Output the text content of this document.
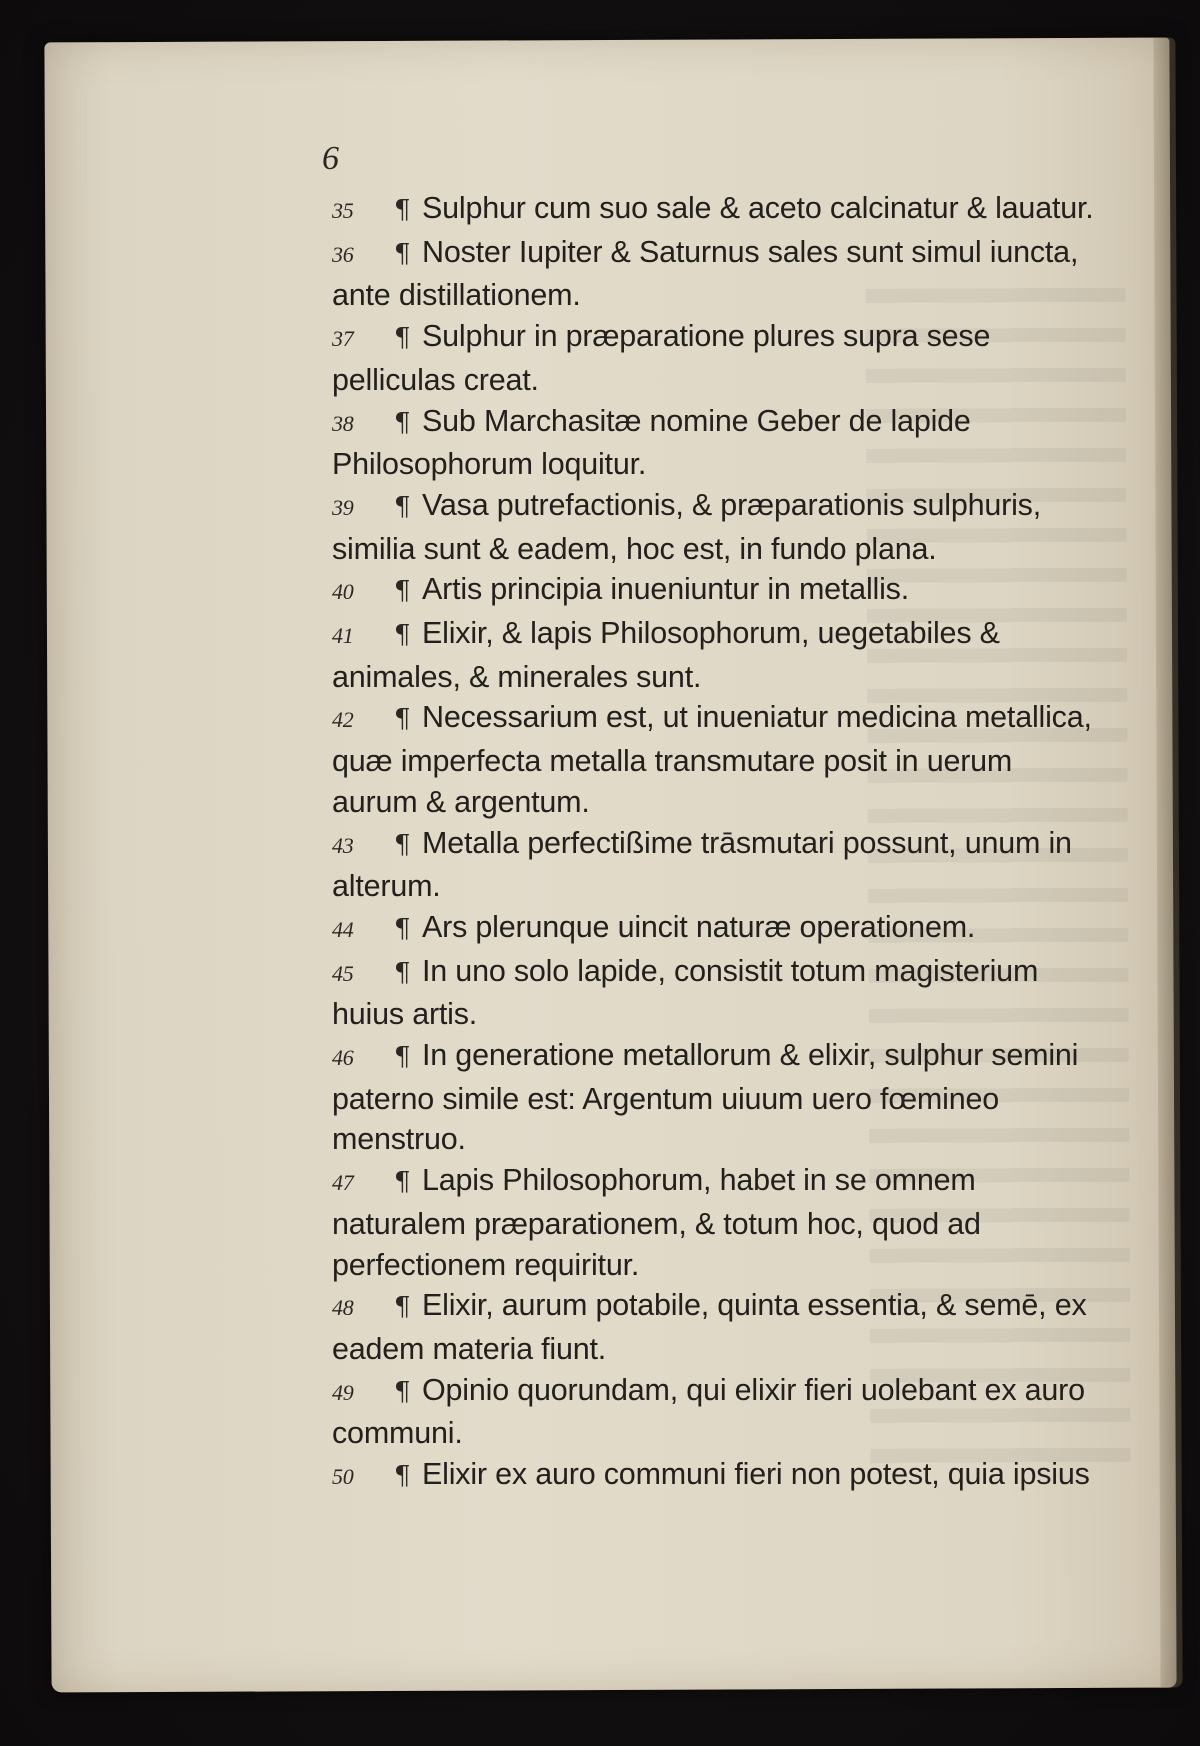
6
35 ¶ Sulphur cum suo sale & aceto calcinatur & lauatur.
36 ¶ Noster Iupiter & Saturnus sales sunt simul iuncta, ante distillationem.
37 ¶ Sulphur in præparatione plures supra sese pelliculas creat.
38 ¶ Sub Marchasitæ nomine Geber de lapide Philosophorum loquitur.
39 ¶ Vasa putrefactionis, & præparationis sulphuris, similia sunt & eadem, hoc est, in fundo plana.
40 ¶ Artis principia inueniuntur in metallis.
41 ¶ Elixir, & lapis Philosophorum, uegetabiles & animales, & minerales sunt.
42 ¶ Necessarium est, ut inueniatur medicina metallica, quæ imperfecta metalla transmutare posit in uerum aurum & argentum.
43 ¶ Metalla perfectißime trāsmutari possunt, unum in alterum.
44 ¶ Ars plerunque uincit naturæ operationem.
45 ¶ In uno solo lapide, consistit totum magisterium huius artis.
46 ¶ In generatione metallorum & elixir, sulphur semini paterno simile est: Argentum uiuum uero fœmineo menstruo.
47 ¶ Lapis Philosophorum, habet in se omnem naturalem præparationem, & totum hoc, quod ad perfectionem requiritur.
48 ¶ Elixir, aurum potabile, quinta essentia, & semē, ex eadem materia fiunt.
49 ¶ Opinio quorundam, qui elixir fieri uolebant ex auro communi.
50 ¶ Elixir ex auro communi fieri non potest, quia ipsius
